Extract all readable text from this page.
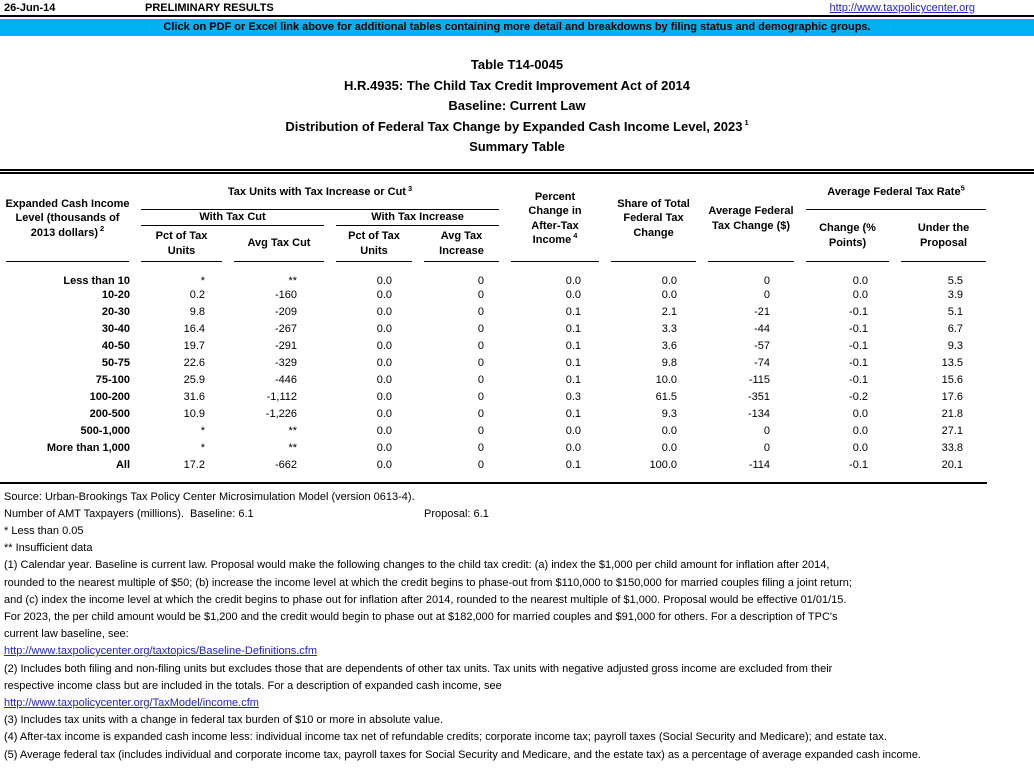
26-Jun-14	PRELIMINARY RESULTS	http://www.taxpolicycenter.org
Click on PDF or Excel link above for additional tables containing more detail and breakdowns by filing status and demographic groups.
Table T14-0045
H.R.4935: The Child Tax Credit Improvement Act of 2014
Baseline: Current Law
Distribution of Federal Tax Change by Expanded Cash Income Level, 2023 $^1$
Summary Table
Expanded Cash Income Level (thousands of 2013 dollars) $^2$	Tax Units with Tax Increase or Cut $^3$				Percent Change in After-Tax Income $^4$	Share of Total Federal Tax Change	Average Federal Tax Change ($)	Average Federal Tax Rate$^5$
	With Tax Cut		With Tax Increase					Change (% Points)	Under the Proposal
	Pct of Tax Units	Avg Tax Cut	Pct of Tax Units	Avg Tax Increase					
Less than 10	*	**	0.0	0	0.0	0.0	0	0.0	5.5
10-20	0.2	-160	0.0	0	0.0	0.0	0	0.0	3.9
20-30	9.8	-209	0.0	0	0.1	2.1	-21	-0.1	5.1
30-40	16.4	-267	0.0	0	0.1	3.3	-44	-0.1	6.7
40-50	19.7	-291	0.0	0	0.1	3.6	-57	-0.1	9.3
50-75	22.6	-329	0.0	0	0.1	9.8	-74	-0.1	13.5
75-100	25.9	-446	0.0	0	0.1	10.0	-115	-0.1	15.6
100-200	31.6	-1,112	0.0	0	0.3	61.5	-351	-0.2	17.6
200-500	10.9	-1,226	0.0	0	0.1	9.3	-134	0.0	21.8
500-1,000	*	**	0.0	0	0.0	0.0	0	0.0	27.1
More than 1,000	*	**	0.0	0	0.0	0.0	0	0.0	33.8
All	17.2	-662	0.0	0	0.1	100.0	-114	-0.1	20.1
Source: Urban-Brookings Tax Policy Center Microsimulation Model (version 0613-4).
Number of AMT Taxpayers (millions).  Baseline: 6.1	Proposal: 6.1
* Less than 0.05
** Insufficient data
(1) Calendar year. Baseline is current law. Proposal would make the following changes to the child tax credit: (a) index the $1,000 per child amount for inflation after 2014,
rounded to the nearest multiple of $50; (b) increase the income level at which the credit begins to phase-out from $110,000 to $150,000 for married couples filing a joint return;
and (c) index the income level at which the credit begins to phase out for inflation after 2014, rounded to the nearest multiple of $1,000. Proposal would be effective 01/01/15.
For 2023, the per child amount would be $1,200 and the credit would begin to phase out at $182,000 for married couples and $91,000 for others. For a description of TPC's
current law baseline, see:
http://www.taxpolicycenter.org/taxtopics/Baseline-Definitions.cfm
(2) Includes both filing and non-filing units but excludes those that are dependents of other tax units. Tax units with negative adjusted gross income are excluded from their
respective income class but are included in the totals. For a description of expanded cash income, see
http://www.taxpolicycenter.org/TaxModel/income.cfm
(3) Includes tax units with a change in federal tax burden of $10 or more in absolute value.
(4) After-tax income is expanded cash income less: individual income tax net of refundable credits; corporate income tax; payroll taxes (Social Security and Medicare); and estate tax.
(5) Average federal tax (includes individual and corporate income tax, payroll taxes for Social Security and Medicare, and the estate tax) as a percentage of average expanded cash income.
